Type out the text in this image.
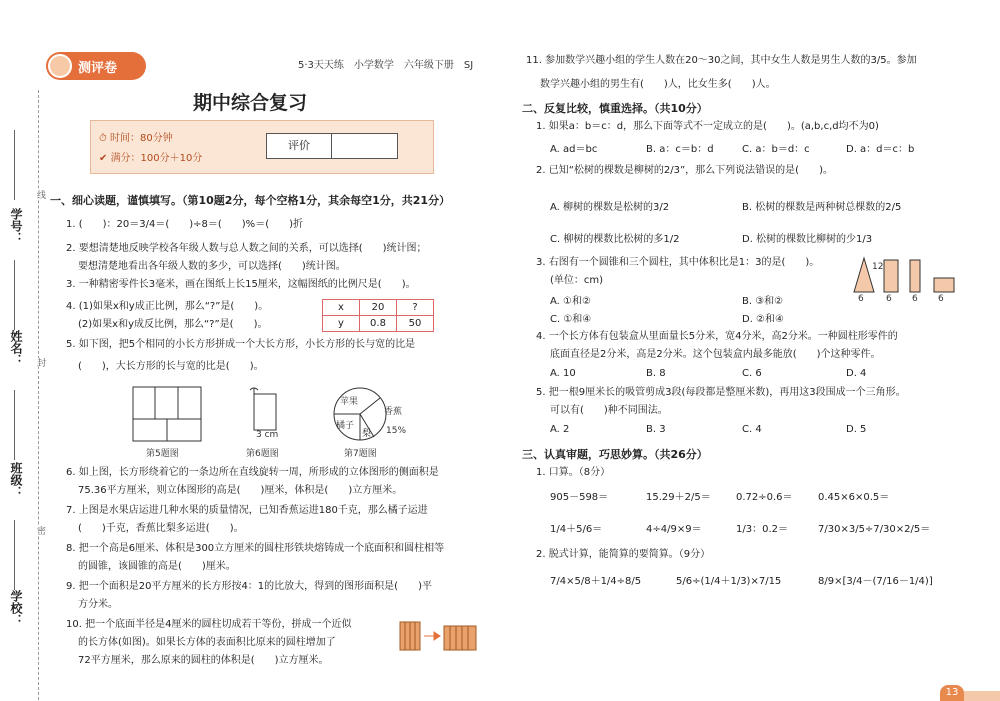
学号：
姓名：
班级：
学校：
线
封
密
测评卷	5·3天天练　小学数学　六年级下册　SJ
期中综合复习
⏱ 时间：80分钟
✔ 满分：100分＋10分
评价
一、细心读题，谨慎填写。（第10题2分，每个空格1分，其余每空1分，共21分）
1. (　　)：20＝3/4＝(　　)÷8＝(　　)%＝(　　)折
2. 要想清楚地反映学校各年级人数与总人数之间的关系，可以选择(　　)统计图；
要想清楚地看出各年级人数的多少，可以选择(　　)统计图。
3. 一种精密零件长3毫米，画在图纸上长15厘米，这幅图纸的比例尺是(　　)。
4. (1)如果x和y成正比例，那么“?”是(　　)。
(2)如果x和y成反比例，那么“?”是(　　)。
x	20	?
y	0.8	50
5. 如下图，把5个相同的小长方形拼成一个大长方形，小长方形的长与宽的比是
(　　)，大长方形的长与宽的比是(　　)。
第5题图
3 cm
第6题图
苹果
香蕉
橘子
梨 15%
第7题图
6. 如上图，长方形绕着它的一条边所在直线旋转一周，所形成的立体图形的侧面积是
75.36平方厘米，则立体图形的高是(　　)厘米，体积是(　　)立方厘米。
7. 上图是水果店运进几种水果的质量情况，已知香蕉运进180千克，那么橘子运进
(　　)千克，香蕉比梨多运进(　　)。
8. 把一个高是6厘米、体积是300立方厘米的圆柱形铁块熔铸成一个底面积和圆柱相等
的圆锥，该圆锥的高是(　　)厘米。
9. 把一个面积是20平方厘米的长方形按4：1的比放大，得到的图形面积是(　　)平
方分米。
10. 把一个底面半径是4厘米的圆柱切成若干等份，拼成一个近似
的长方体(如图)。如果长方体的表面积比原来的圆柱增加了
72平方厘米，那么原来的圆柱的体积是(　　)立方厘米。
11. 参加数学兴趣小组的学生人数在20～30之间，其中女生人数是男生人数的3/5。参加
数学兴趣小组的男生有(　　)人，比女生多(　　)人。
二、反复比较，慎重选择。（共10分）
1. 如果a：b＝c：d，那么下面等式不一定成立的是(　　)。(a,b,c,d均不为0)
A. ad＝bc	B. a：c＝b：d	C. a：b＝d：c	D. a：d＝c：b
2. 已知“松树的棵数是柳树的2/3”，那么下列说法错误的是(　　)。
A. 柳树的棵数是松树的3/2	B. 松树的棵数是两种树总棵数的2/5
C. 柳树的棵数比松树的多1/2	D. 松树的棵数比柳树的少1/3
3. 右图有一个圆锥和三个圆柱，其中体积比是1：3的是(　　)。
(单位：cm)
A. ①和②	B. ③和②
C. ①和④	D. ②和④
12
6 6 6 6
4. 一个长方体有包装盒从里面量长5分米，宽4分米，高2分米。一种圆柱形零件的
底面直径是2分米，高是2分米。这个包装盒内最多能放(　　)个这种零件。
A. 10	B. 8	C. 6	D. 4
5. 把一根9厘米长的吸管剪成3段(每段都是整厘米数)，再用这3段围成一个三角形。
可以有(　　)种不同围法。
A. 2	B. 3	C. 4	D. 5
三、认真审题，巧思妙算。（共26分）
1. 口算。（8分）
905－598＝	15.29＋2/5＝	0.72÷0.6＝	0.45×6×0.5＝
1/4＋5/6＝	4÷4/9×9＝	1/3：0.2＝	7/30×3/5÷7/30×2/5＝
2. 脱式计算，能简算的要简算。（9分）
7/4×5/8＋1/4÷8/5	5/6÷(1/4＋1/3)×7/15	8/9×[3/4－(7/16－1/4)]
13
